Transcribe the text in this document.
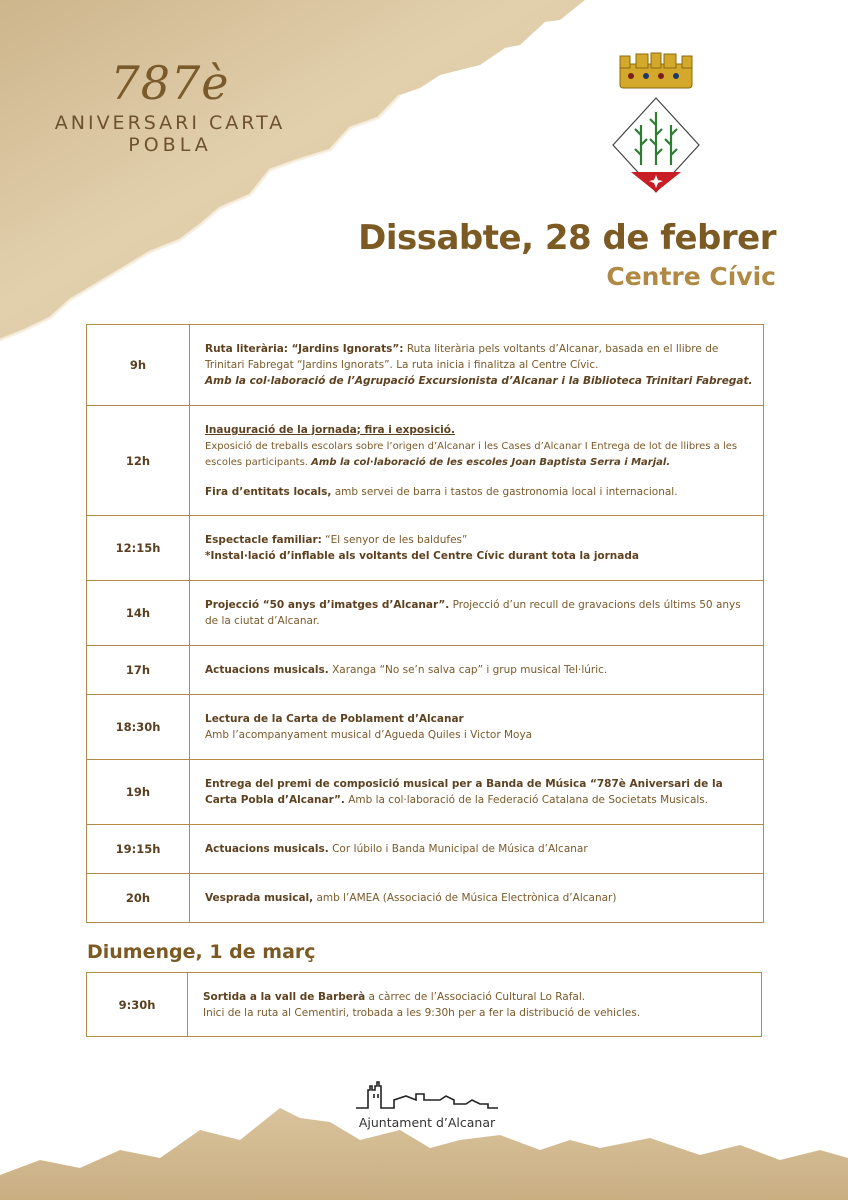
787è
ANIVERSARI CARTA
POBLA
Dissabte, 28 de febrer
Centre Cívic
9h	Ruta literària: “Jardins Ignorats”: Ruta literària pels voltants d’Alcanar, basada en el llibre de Trinitari Fabregat “Jardins Ignorats”. La ruta inicia i finalitza al Centre Cívic.
Amb la col·laboració de l’Agrupació Excursionista d’Alcanar i la Biblioteca Trinitari Fabregat.
12h	Inauguració de la jornada; fira i exposició.
Exposició de treballs escolars sobre l’origen d’Alcanar i les Cases d’Alcanar I Entrega de lot de llibres a les escoles participants. Amb la col·laboració de les escoles Joan Baptista Serra i Marjal.
Fira d’entitats locals, amb servei de barra i tastos de gastronomia local i internacional.
12:15h	Espectacle familiar: “El senyor de les baldufes”
*Instal·lació d’inflable als voltants del Centre Cívic durant tota la jornada
14h	Projecció “50 anys d’imatges d’Alcanar”. Projecció d’un recull de gravacions dels últims 50 anys de la ciutat d’Alcanar.
17h	Actuacions musicals. Xaranga “No se’n salva cap” i grup musical Tel·lúric.
18:30h	Lectura de la Carta de Poblament d’Alcanar
Amb l’acompanyament musical d’Agueda Quiles i Victor Moya
19h	Entrega del premi de composició musical per a Banda de Música “787è Aniversari de la Carta Pobla d’Alcanar”. Amb la col·laboració de la Federació Catalana de Societats Musicals.
19:15h	Actuacions musicals. Cor Iúbilo i Banda Municipal de Música d’Alcanar
20h	Vesprada musical, amb l’AMEA (Associació de Música Electrònica d’Alcanar)
Diumenge, 1 de març
9:30h	Sortida a la vall de Barberà a càrrec de l’Associació Cultural Lo Rafal.
Inici de la ruta al Cementiri, trobada a les 9:30h per a fer la distribució de vehicles.
Ajuntament d’Alcanar
